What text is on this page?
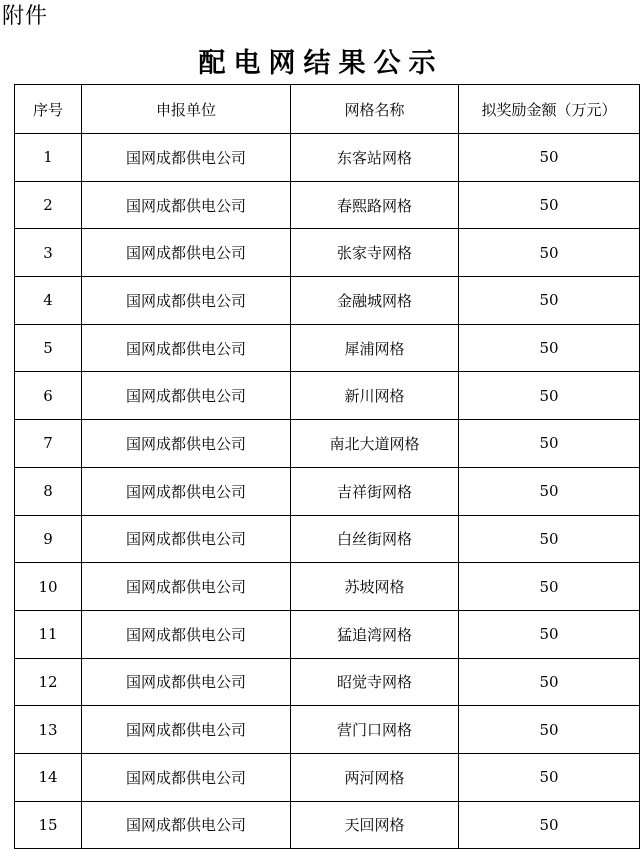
附件
配电网结果公示
序号	申报单位	网格名称	拟奖励金额（万元）
1	国网成都供电公司	东客站网格	50
2	国网成都供电公司	春熙路网格	50
3	国网成都供电公司	张家寺网格	50
4	国网成都供电公司	金融城网格	50
5	国网成都供电公司	犀浦网格	50
6	国网成都供电公司	新川网格	50
7	国网成都供电公司	南北大道网格	50
8	国网成都供电公司	吉祥街网格	50
9	国网成都供电公司	白丝街网格	50
10	国网成都供电公司	苏坡网格	50
11	国网成都供电公司	猛追湾网格	50
12	国网成都供电公司	昭觉寺网格	50
13	国网成都供电公司	营门口网格	50
14	国网成都供电公司	两河网格	50
15	国网成都供电公司	天回网格	50
